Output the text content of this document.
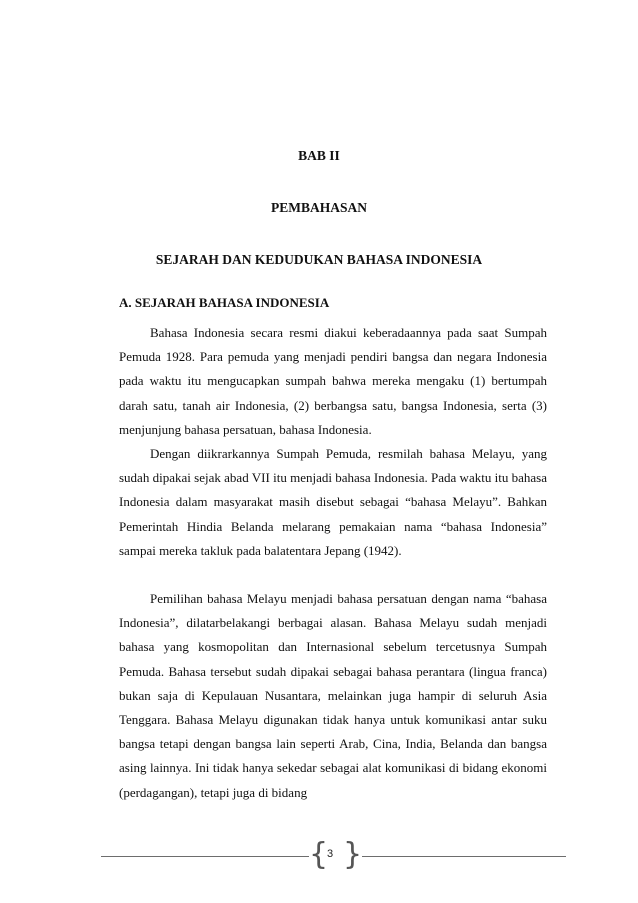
BAB II
PEMBAHASAN
SEJARAH DAN KEDUDUKAN BAHASA INDONESIA
A. SEJARAH BAHASA INDONESIA

Bahasa Indonesia secara resmi diakui keberadaannya pada saat Sumpah Pemuda 1928. Para pemuda yang menjadi pendiri bangsa dan negara Indonesia pada waktu itu mengucapkan sumpah bahwa mereka mengaku (1) bertumpah darah satu, tanah air Indonesia, (2) berbangsa satu, bangsa Indonesia, serta (3) menjunjung bahasa persatuan, bahasa Indonesia.

Dengan diikrarkannya Sumpah Pemuda, resmilah bahasa Melayu, yang sudah dipakai sejak abad VII itu menjadi bahasa Indonesia. Pada waktu itu bahasa Indonesia dalam masyarakat masih disebut sebagai “bahasa Melayu”. Bahkan Pemerintah Hindia Belanda melarang pemakaian nama “bahasa Indonesia” sampai mereka takluk pada balatentara Jepang (1942).

Pemilihan bahasa Melayu menjadi bahasa persatuan dengan nama “bahasa Indonesia”, dilatarbelakangi berbagai alasan. Bahasa Melayu sudah menjadi bahasa yang kosmopolitan dan Internasional sebelum tercetusnya Sumpah Pemuda. Bahasa tersebut sudah dipakai sebagai bahasa perantara (lingua franca) bukan saja di Kepulauan Nusantara, melainkan juga hampir di seluruh Asia Tenggara. Bahasa Melayu digunakan tidak hanya untuk komunikasi antar suku bangsa tetapi dengan bangsa lain seperti Arab, Cina, India, Belanda dan bangsa asing lainnya. Ini tidak hanya sekedar sebagai alat komunikasi di bidang ekonomi (perdagangan), tetapi juga di bidang

{
3 }
